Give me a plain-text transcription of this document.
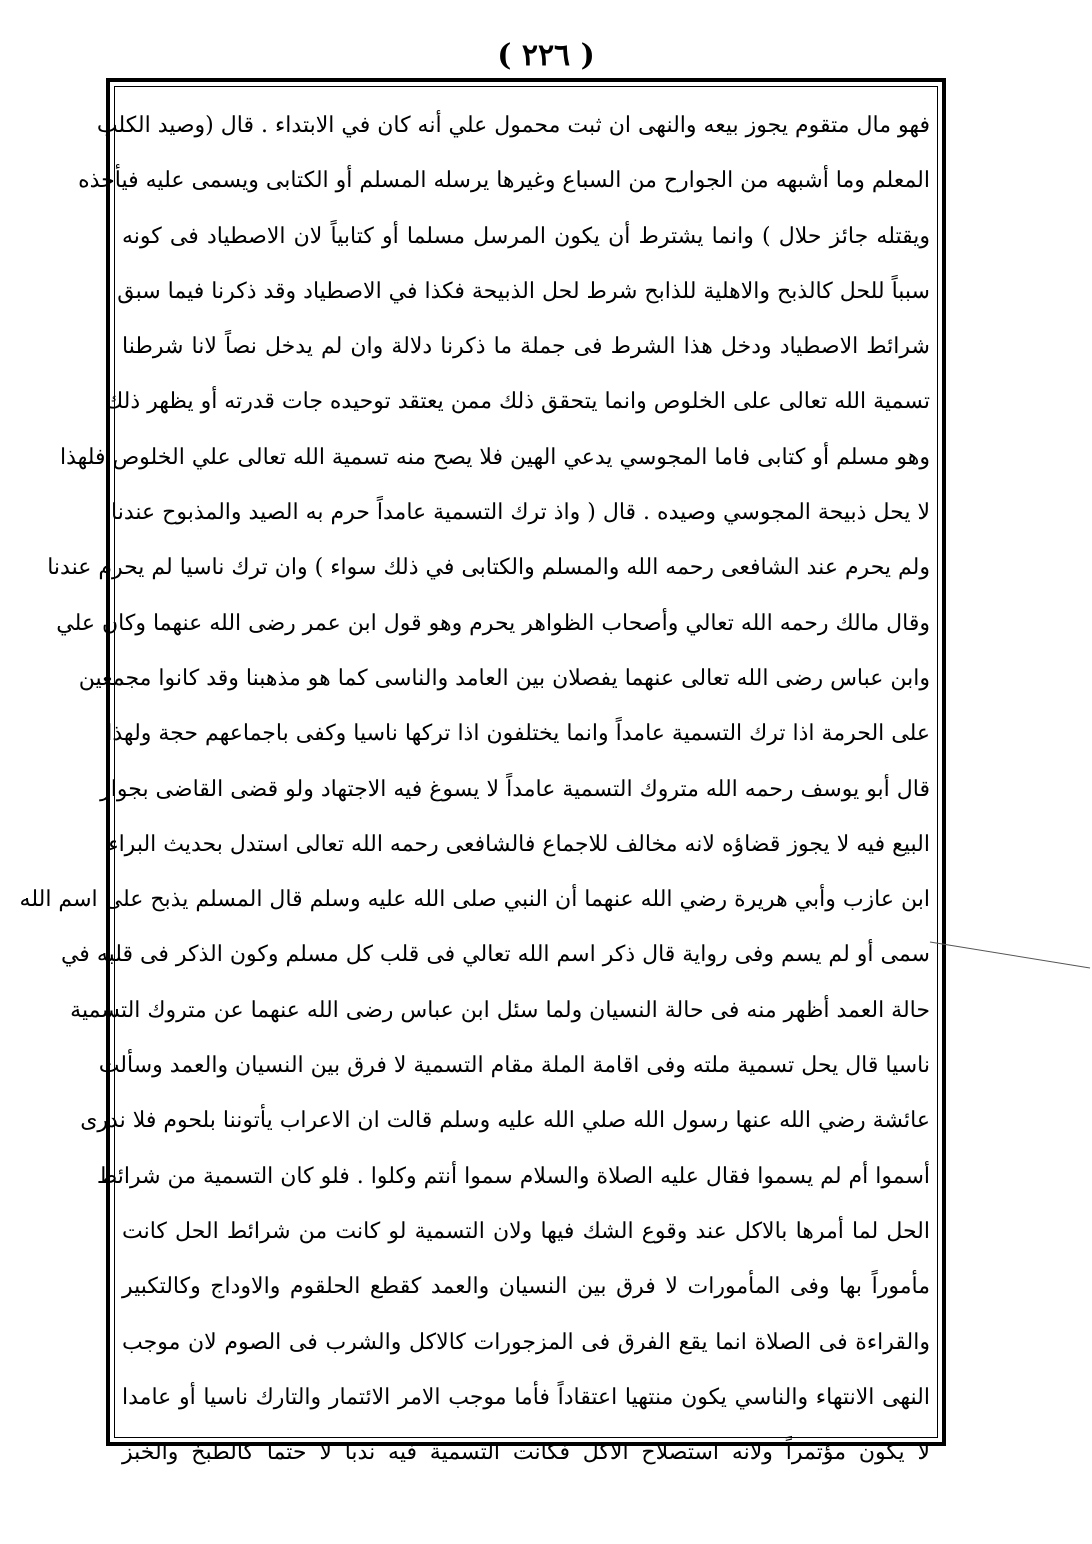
( ٢٢٦ )
فهو مال متقوم يجوز بيعه والنهى ان ثبت محمول علي أنه كان في الابتداء . قال (وصيد الكلب
المعلم وما أشبهه من الجوارح من السباع وغيرها يرسله المسلم أو الكتابى ويسمى عليه فيأخذه
ويقتله جائز حلال ) وانما يشترط أن يكون المرسل مسلما أو كتابياً لان الاصطياد فى كونه
سبباً للحل كالذبح والاهلية للذابح شرط لحل الذبيحة فكذا في الاصطياد وقد ذكرنا فيما سبق
شرائط الاصطياد ودخل هذا الشرط فى جملة ما ذكرنا دلالة وان لم يدخل نصاً لانا شرطنا
تسمية الله تعالى على الخلوص وانما يتحقق ذلك ممن يعتقد توحيده جات قدرته أو يظهر ذلك
وهو مسلم أو كتابى فاما المجوسي يدعي الهين فلا يصح منه تسمية الله تعالى علي الخلوص فلهذا
لا يحل ذبيحة المجوسي وصيده . قال ( واذ ترك التسمية عامداً حرم به الصيد والمذبوح عندنا
ولم يحرم عند الشافعى رحمه الله والمسلم والكتابى في ذلك سواء ) وان ترك ناسيا لم يحرم عندنا
وقال مالك رحمه الله تعالي وأصحاب الظواهر يحرم وهو قول ابن عمر رضى الله عنهما وكان علي
وابن عباس رضى الله تعالى عنهما يفصلان بين العامد والناسى كما هو مذهبنا وقد كانوا مجمعين
على الحرمة اذا ترك التسمية عامداً وانما يختلفون اذا تركها ناسيا وكفى باجماعهم حجة ولهذا
قال أبو يوسف رحمه الله متروك التسمية عامداً لا يسوغ فيه الاجتهاد ولو قضى القاضى بجواز
البيع فيه لا يجوز قضاؤه لانه مخالف للاجماع فالشافعى رحمه الله تعالى استدل بحديث البراء
ابن عازب وأبي هريرة رضي الله عنهما أن النبي صلى الله عليه وسلم قال المسلم يذبح على اسم الله
سمى أو لم يسم وفى رواية قال ذكر اسم الله تعالي فى قلب كل مسلم وكون الذكر فى قلبه في
حالة العمد أظهر منه فى حالة النسيان ولما سئل ابن عباس رضى الله عنهما عن متروك التسمية
ناسيا قال يحل تسمية ملته وفى اقامة الملة مقام التسمية لا فرق بين النسيان والعمد وسألت
عائشة رضي الله عنها رسول الله صلي الله عليه وسلم قالت ان الاعراب يأتوننا بلحوم فلا ندرى
أسموا أم لم يسموا فقال عليه الصلاة والسلام سموا أنتم وكلوا . فلو كان التسمية من شرائط
الحل لما أمرها بالاكل عند وقوع الشك فيها ولان التسمية لو كانت من شرائط الحل كانت
مأموراً بها وفى المأمورات لا فرق بين النسيان والعمد كقطع الحلقوم والاوداج وكالتكبير
والقراءة فى الصلاة انما يقع الفرق فى المزجورات كالاكل والشرب فى الصوم لان موجب
النهى الانتهاء والناسي يكون منتهيا اعتقاداً فأما موجب الامر الائتمار والتارك ناسيا أو عامدا
لا يكون مؤتمراً ولانه استصلاح الاكل فكانت التسمية فيه ندبا لا حتما كالطبخ والخبز
